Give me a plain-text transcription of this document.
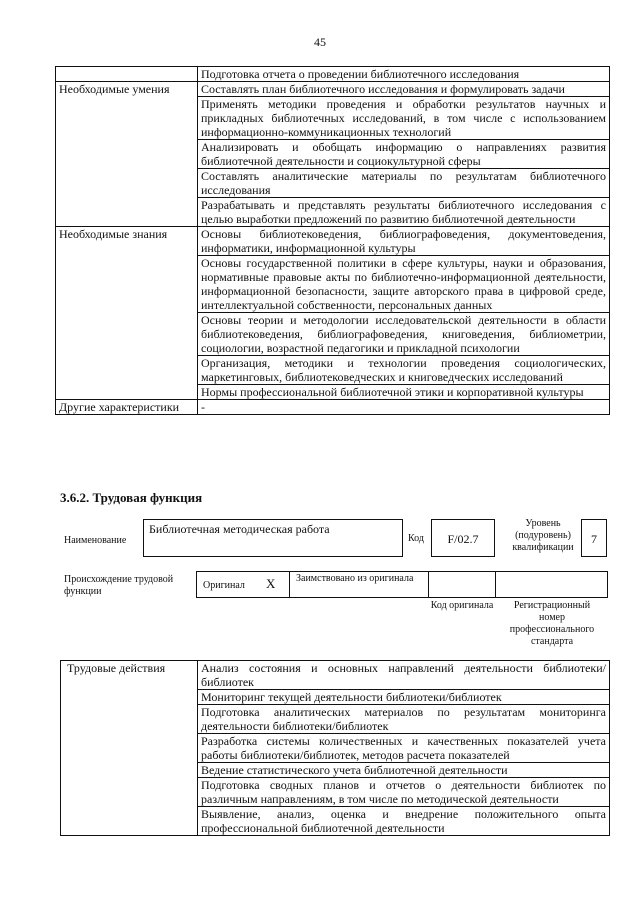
45
	Подготовка отчета о проведении библиотечного исследования
Необходимые умения	Составлять план библиотечного исследования и формулировать задачи
	Применять методики проведения и обработки результатов научных и прикладных библиотечных исследований, в том числе с использованием информационно-коммуникационных технологий
	Анализировать и обобщать информацию о направлениях развития библиотечной деятельности и социокультурной сферы
	Составлять аналитические материалы по результатам библиотечного исследования
	Разрабатывать и представлять результаты библиотечного исследования с целью выработки предложений по развитию библиотечной деятельности
Необходимые знания	Основы библиотековедения, библиографоведения, документоведения, информатики, информационной культуры
	Основы государственной политики в сфере культуры, науки и образования, нормативные правовые акты по библиотечно-информационной деятельности, информационной безопасности, защите авторского права в цифровой среде, интеллектуальной собственности, персональных данных
	Основы теории и методологии исследовательской деятельности в области библиотековедения, библиографоведения, книговедения, библиометрии, социологии, возрастной педагогики и прикладной психологии
	Организация, методики и технологии проведения социологических, маркетинговых, библиотековедческих и книговедческих исследований
	Нормы профессиональной библиотечной этики и корпоративной культуры
Другие характеристики	-
3.6.2. Трудовая функция
Наименование
Библиотечная методическая работа
Код	F/02.7
Уровень (подуровень) квалификации
7
Происхождение трудовой функции
Оригинал X Заимствовано из оригинала
Код оригинала	Регистрационный номер профессионального стандарта
Трудовые действия	Анализ состояния и основных направлений деятельности библиотеки/библиотек
Мониторинг текущей деятельности библиотеки/библиотек
Подготовка аналитических материалов по результатам мониторинга деятельности библиотеки/библиотек
Разработка системы количественных и качественных показателей учета работы библиотеки/библиотек, методов расчета показателей
Ведение статистического учета библиотечной деятельности
Подготовка сводных планов и отчетов о деятельности библиотек по различным направлениям, в том числе по методической деятельности
Выявление, анализ, оценка и внедрение положительного опыта профессиональной библиотечной деятельности
